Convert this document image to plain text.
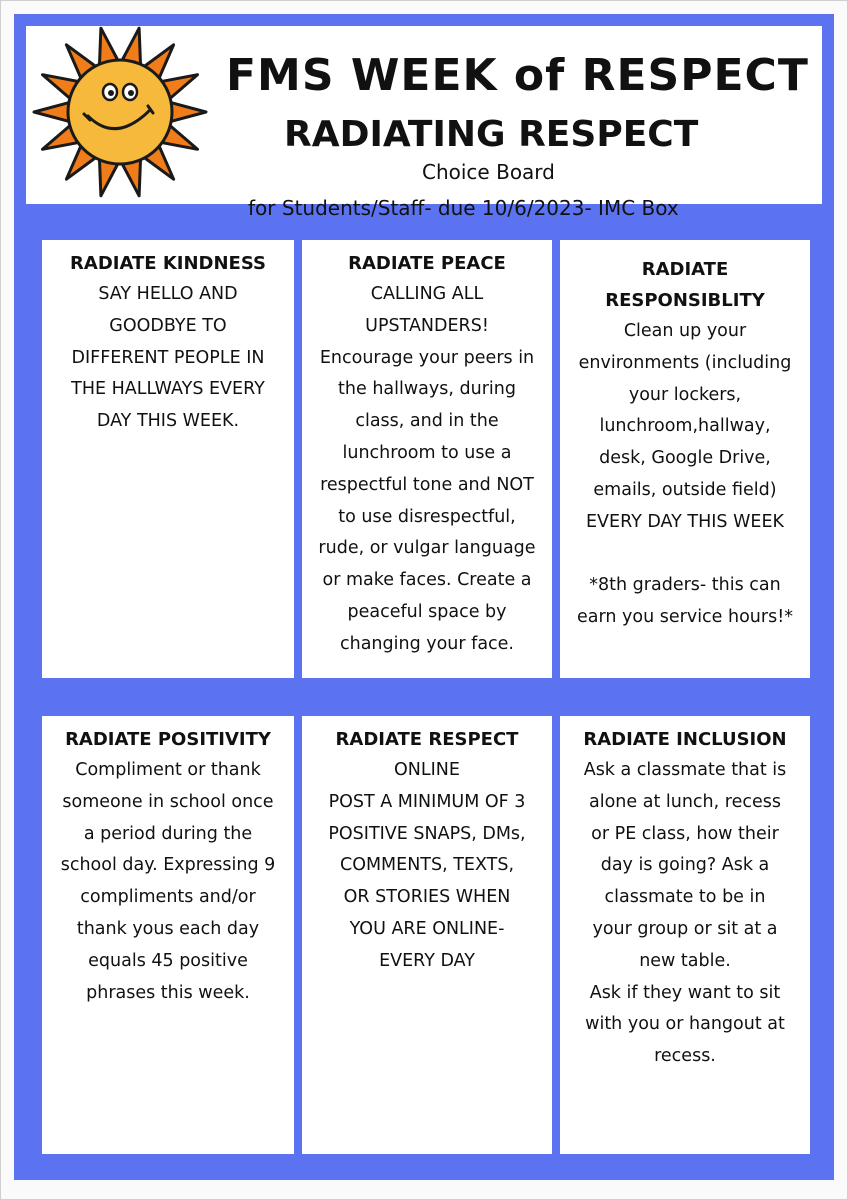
FMS WEEK of RESPECT
RADIATING RESPECT
Choice Board
for Students/Staff- due 10/6/2023- IMC Box

RADIATE KINDNESS

SAY HELLO AND
GOODBYE TO
DIFFERENT PEOPLE IN
THE HALLWAYS EVERY
DAY THIS WEEK.

RADIATE PEACE

CALLING ALL
UPSTANDERS!
Encourage your peers in
the hallways, during
class, and in the
lunchroom to use a
respectful tone and NOT
to use disrespectful,
rude, or vulgar language
or make faces. Create a
peaceful space by
changing your face.

RADIATE
RESPONSIBLITY

Clean up your
environments (including
your lockers,
lunchroom,hallway,
desk, Google Drive,
emails, outside field)
EVERY DAY THIS WEEK

*8th graders- this can
earn you service hours!*

RADIATE POSITIVITY

Compliment or thank
someone in school once
a period during the
school day. Expressing 9
compliments and/or
thank yous each day
equals 45 positive
phrases this week.

RADIATE RESPECT

ONLINE
POST A MINIMUM OF 3
POSITIVE SNAPS, DMs,
COMMENTS, TEXTS,
OR STORIES WHEN
YOU ARE ONLINE-
EVERY DAY

RADIATE INCLUSION

Ask a classmate that is
alone at lunch, recess
or PE class, how their
day is going? Ask a
classmate to be in
your group or sit at a
new table.
Ask if they want to sit
with you or hangout at
recess.
